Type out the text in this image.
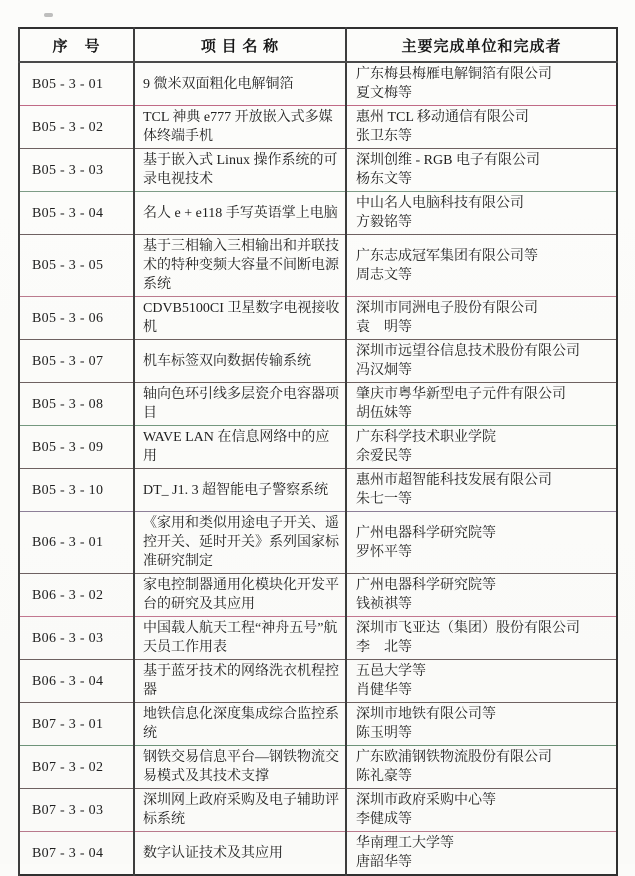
序　号	项 目 名 称	主要完成单位和完成者
B05 - 3 - 01	9 微米双面粗化电解铜箔	广东梅县梅雁电解铜箔有限公司
夏文梅等

B05 - 3 - 02	TCL 神典 e777 开放嵌入式多媒体终端手机	惠州 TCL 移动通信有限公司
张卫东等

B05 - 3 - 03	基于嵌入式 Linux 操作系统的可录电视技术	深圳创维 - RGB 电子有限公司
杨东文等

B05 - 3 - 04	名人 e + e118 手写英语掌上电脑	中山名人电脑科技有限公司
方毅铭等

B05 - 3 - 05	基于三相输入三相输出和并联技术的特种变频大容量不间断电源系统	广东志成冠军集团有限公司等
周志文等

B05 - 3 - 06	CDVB5100CI 卫星数字电视接收机	深圳市同洲电子股份有限公司
袁　明等

B05 - 3 - 07	机车标签双向数据传输系统	深圳市远望谷信息技术股份有限公司
冯汉炯等

B05 - 3 - 08	轴向色环引线多层瓷介电容器项目	肇庆市粤华新型电子元件有限公司
胡伍妹等

B05 - 3 - 09	WAVE LAN 在信息网络中的应用	广东科学技术职业学院
余爱民等

B05 - 3 - 10	DT_ J1. 3 超智能电子警察系统	惠州市超智能科技发展有限公司
朱七一等

B06 - 3 - 01	《家用和类似用途电子开关、遥控开关、延时开关》系列国家标准研究制定	广州电器科学研究院等
罗怀平等

B06 - 3 - 02	家电控制器通用化模块化开发平台的研究及其应用	广州电器科学研究院等
钱祯祺等

B06 - 3 - 03	中国载人航天工程“神舟五号”航天员工作用表	深圳市飞亚达（集团）股份有限公司
李　北等

B06 - 3 - 04	基于蓝牙技术的网络洗衣机程控器	五邑大学等
肖健华等

B07 - 3 - 01	地铁信息化深度集成综合监控系统	深圳市地铁有限公司等
陈玉明等

B07 - 3 - 02	钢铁交易信息平台—钢铁物流交易模式及其技术支撑	广东欧浦钢铁物流股份有限公司
陈礼豪等

B07 - 3 - 03	深圳网上政府采购及电子辅助评标系统	深圳市政府采购中心等
李健成等

B07 - 3 - 04	数字认证技术及其应用	华南理工大学等
唐韶华等
